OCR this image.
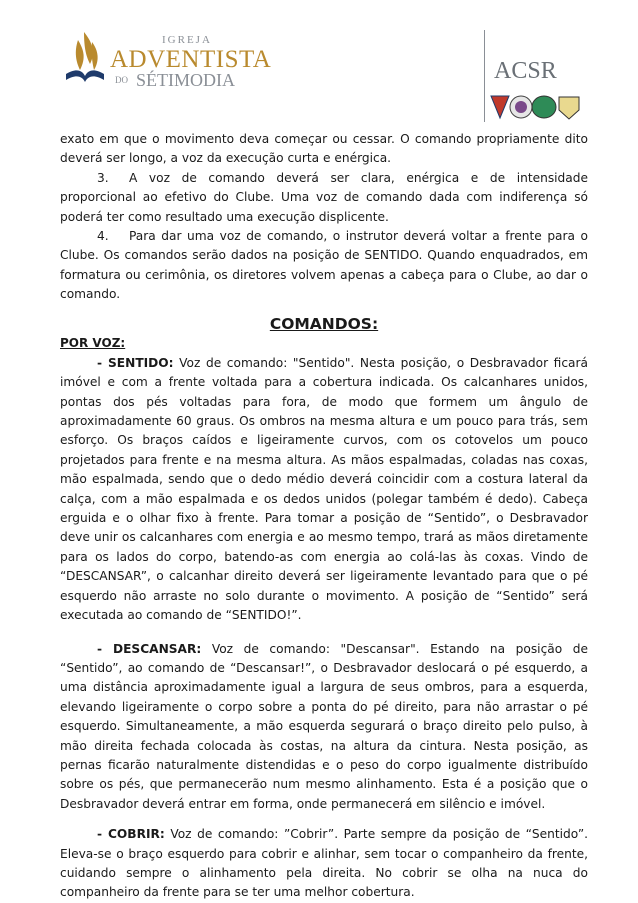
IGREJA
ADVENTISTA
DO SÉTIMODIA	ACSR

exato em que o movimento deva começar ou cessar. O comando propriamente dito deverá ser longo, a voz da execução curta e enérgica.

3. A voz de comando deverá ser clara, enérgica e de intensidade proporcional ao efetivo do Clube. Uma voz de comando dada com indiferença só poderá ter como resultado uma execução displicente.

4. Para dar uma voz de comando, o instrutor deverá voltar a frente para o Clube. Os comandos serão dados na posição de SENTIDO. Quando enquadrados, em formatura ou cerimônia, os diretores volvem apenas a cabeça para o Clube, ao dar o comando.

COMANDOS:
POR VOZ:

- SENTIDO: Voz de comando: "Sentido". Nesta posição, o Desbravador ficará imóvel e com a frente voltada para a cobertura indicada. Os calcanhares unidos, pontas dos pés voltadas para fora, de modo que formem um ângulo de aproximadamente 60 graus. Os ombros na mesma altura e um pouco para trás, sem esforço. Os braços caídos e ligeiramente curvos, com os cotovelos um pouco projetados para frente e na mesma altura. As mãos espalmadas, coladas nas coxas, mão espalmada, sendo que o dedo médio deverá coincidir com a costura lateral da calça, com a mão espalmada e os dedos unidos (polegar também é dedo). Cabeça erguida e o olhar fixo à frente. Para tomar a posição de “Sentido”, o Desbravador deve unir os calcanhares com energia e ao mesmo tempo, trará as mãos diretamente para os lados do corpo, batendo-as com energia ao colá-las às coxas. Vindo de “DESCANSAR”, o calcanhar direito deverá ser ligeiramente levantado para que o pé esquerdo não arraste no solo durante o movimento. A posição de “Sentido” será executada ao comando de “SENTIDO!”.

- DESCANSAR: Voz de comando: "Descansar". Estando na posição de “Sentido”, ao comando de “Descansar!”, o Desbravador deslocará o pé esquerdo, a uma distância aproximadamente igual a largura de seus ombros, para a esquerda, elevando ligeiramente o corpo sobre a ponta do pé direito, para não arrastar o pé esquerdo. Simultaneamente, a mão esquerda segurará o braço direito pelo pulso, à mão direita fechada colocada às costas, na altura da cintura. Nesta posição, as pernas ficarão naturalmente distendidas e o peso do corpo igualmente distribuído sobre os pés, que permanecerão num mesmo alinhamento. Esta é a posição que o Desbravador deverá entrar em forma, onde permanecerá em silêncio e imóvel.

- COBRIR: Voz de comando: ”Cobrir”. Parte sempre da posição de “Sentido”. Eleva-se o braço esquerdo para cobrir e alinhar, sem tocar o companheiro da frente, cuidando sempre o alinhamento pela direita. No cobrir se olha na nuca do companheiro da frente para se ter uma melhor cobertura.
